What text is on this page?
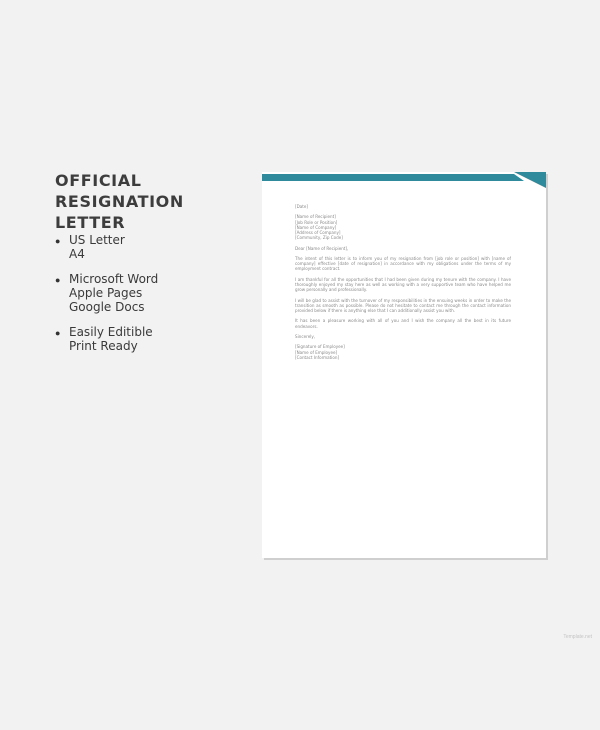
OFFICIAL RESIGNATION LETTER
● US Letter
A4
● Microsoft Word
Apple Pages
Google Docs
● Easily Editible
Print Ready
[Date]
[Name of Recipient]
[Job Role or Position]
[Name of Company]
[Address of Company]
[Community, Zip Code]
Dear [Name of Recipient],
The intent of this letter is to inform you of my resignation from [job role or position] with [name of company] effective [date of resignation] in accordance with my obligations under the terms of my employment contract.
I am thankful for all the opportunities that I had been given during my tenure with the company. I have thoroughly enjoyed my stay here as well as working with a very supportive team who have helped me grow personally and professionally.
I will be glad to assist with the turnover of my responsibilities in the ensuing weeks in order to make the transition as smooth as possible. Please do not hesitate to contact me through the contact information provided below if there is anything else that I can additionally assist you with.
It has been a pleasure working with all of you and I wish the company all the best in its future endeavors.
Sincerely,
[Signature of Employee]
[Name of Employee]
[Contact Information]
Template.net
